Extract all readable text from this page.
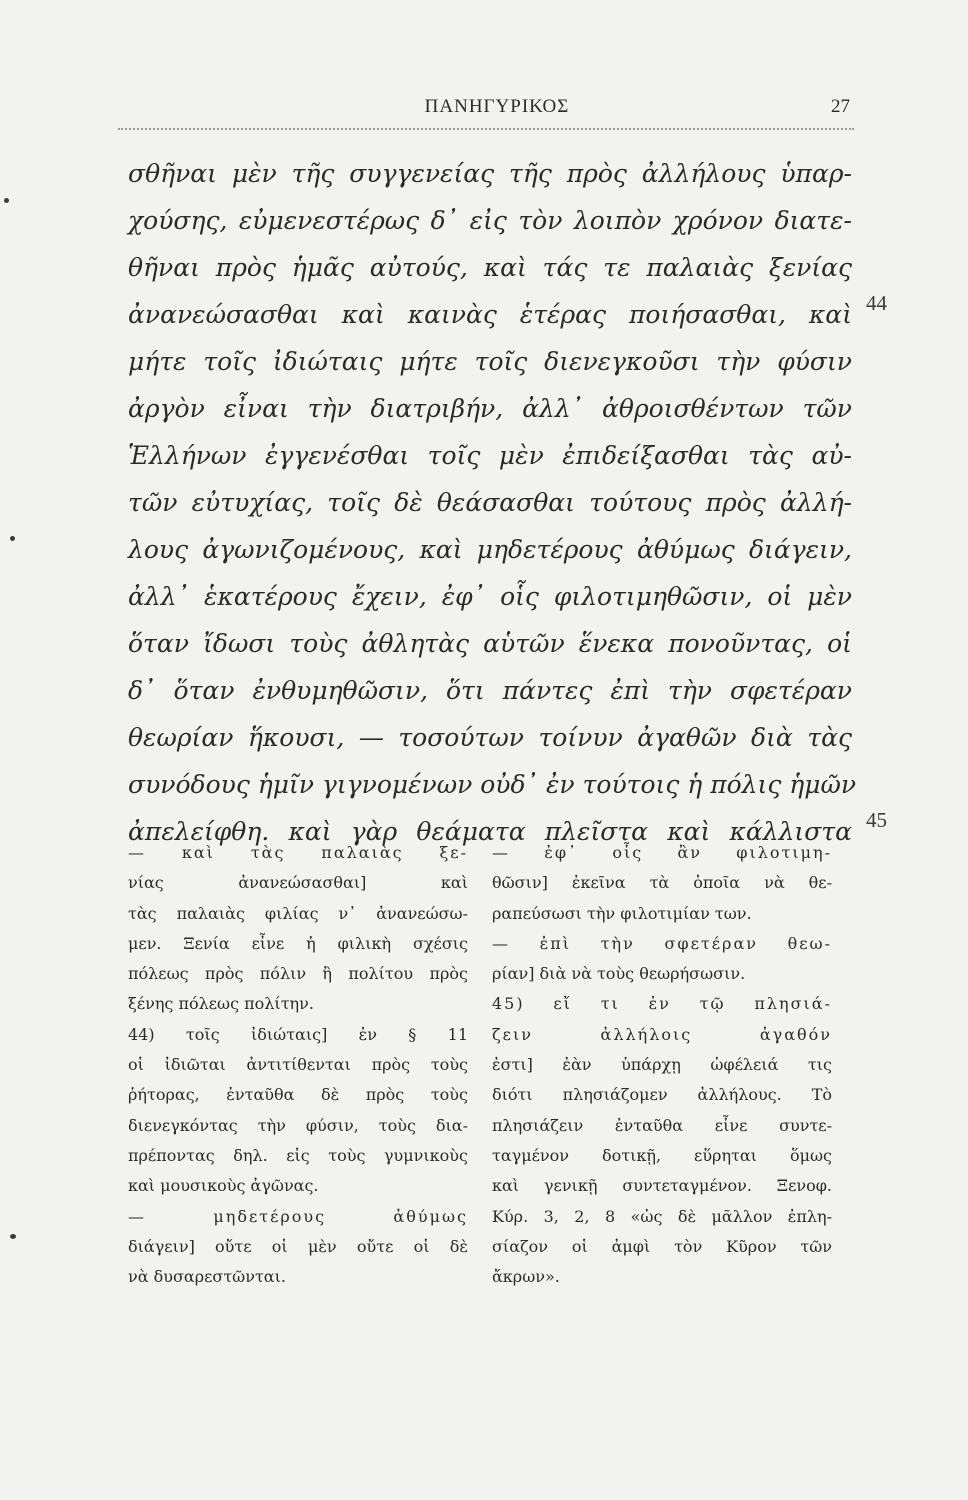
ΠΑΝΗΓΥΡΙΚΟΣ	27
σθῆναι μὲν τῆς συγγενείας τῆς πρὸς ἀλλήλους ὑπαρ-
χούσης, εὐμενεστέρως δ᾿ εἰς τὸν λοιπὸν χρόνον διατε-
θῆναι πρὸς ἡμᾶς αὐτούς, καὶ τάς τε παλαιὰς ξενίας
ἀνανεώσασθαι καὶ καινὰς ἑτέρας ποιήσασθαι, καὶ
μήτε τοῖς ἰδιώταις μήτε τοῖς διενεγκοῦσι τὴν φύσιν
ἀργὸν εἶναι τὴν διατριβήν, ἀλλ᾿ ἀθροισθέντων τῶν
Ἑλλήνων ἐγγενέσθαι τοῖς μὲν ἐπιδείξασθαι τὰς αὐ-
τῶν εὐτυχίας, τοῖς δὲ θεάσασθαι τούτους πρὸς ἀλλή-
λους ἀγωνιζομένους, καὶ μηδετέρους ἀθύμως διάγειν,
ἀλλ᾿ ἑκατέρους ἔχειν, ἐφ᾿ οἷς φιλοτιμηθῶσιν, οἱ μὲν
ὅταν ἴδωσι τοὺς ἀθλητὰς αὑτῶν ἕνεκα πονοῦντας, οἱ
δ᾿ ὅταν ἐνθυμηθῶσιν, ὅτι πάντες ἐπὶ τὴν σφετέραν
θεωρίαν ἥκουσι, — τοσούτων τοίνυν ἀγαθῶν διὰ τὰς
συνόδους ἡμῖν γιγνομένων οὐδ᾿ ἐν τούτοις ἡ πόλις ἡμῶν
ἀπελείφθη. καὶ γὰρ θεάματα πλεῖστα καὶ κάλλιστα
44
45
— καὶ τὰς παλαιὰς ξε-
νίας ἀνανεώσασθαι] καὶ
τὰς παλαιὰς φιλίας ν᾿ ἀνανεώσω-
μεν. Ξενία εἶνε ἡ φιλικὴ σχέσις
πόλεως πρὸς πόλιν ἢ πολίτου πρὸς
ξένης πόλεως πολίτην.
44) τοῖς ἰδιώταις] ἐν § 11
οἱ ἰδιῶται ἀντιτίθενται πρὸς τοὺς
ῥήτορας, ἐνταῦθα δὲ πρὸς τοὺς
διενεγκόντας τὴν φύσιν, τοὺς δια-
πρέποντας δηλ. εἰς τοὺς γυμνικοὺς
καὶ μουσικοὺς ἀγῶνας.
— μηδετέρους ἀθύμως
διάγειν] οὔτε οἱ μὲν οὔτε οἱ δὲ
νὰ δυσαρεστῶνται.
— ἐφ᾿ οἷς ἂν φιλοτιμη-
θῶσιν] ἐκεῖνα τὰ ὁποῖα νὰ θε-
ραπεύσωσι τὴν φιλοτιμίαν των.
— ἐπὶ τὴν σφετέραν θεω-
ρίαν] διὰ νὰ τοὺς θεωρήσωσιν.
45) εἴ τι ἐν τῷ πλησιά-
ζειν ἀλλήλοις ἀγαθόν
ἐστι] ἐὰν ὑπάρχῃ ὠφέλειά τις
διότι πλησιάζομεν ἀλλήλους. Τὸ
πλησιάζειν ἐνταῦθα εἶνε συντε-
ταγμένον δοτικῇ, εὕρηται ὅμως
καὶ γενικῇ συντεταγμένον. Ξενοφ.
Κύρ. 3, 2, 8 «ὡς δὲ μᾶλλον ἐπλη-
σίαζον οἱ ἀμφὶ τὸν Κῦρον τῶν
ἄκρων».
